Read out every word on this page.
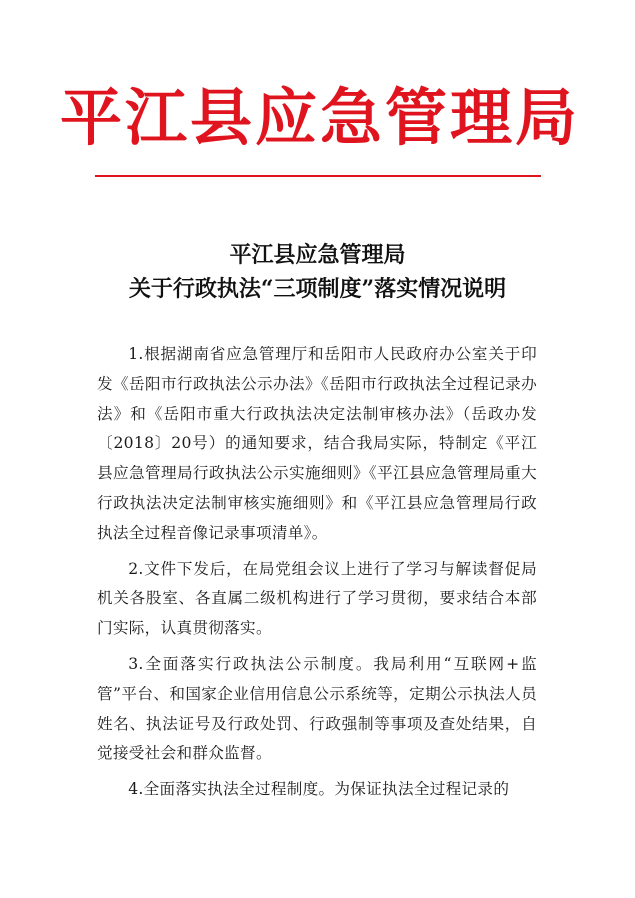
平江县应急管理局
平江县应急管理局
关于行政执法“三项制度”落实情况说明

1.根据湖南省应急管理厅和岳阳市人民政府办公室关于印发《岳阳市行政执法公示办法》《岳阳市行政执法全过程记录办法》和《岳阳市重大行政执法决定法制审核办法》（岳政办发〔2018〕20号）的通知要求，结合我局实际，特制定《平江县应急管理局行政执法公示实施细则》《平江县应急管理局重大行政执法决定法制审核实施细则》和《平江县应急管理局行政执法全过程音像记录事项清单》。

2.文件下发后，在局党组会议上进行了学习与解读督促局机关各股室、各直属二级机构进行了学习贯彻，要求结合本部门实际，认真贯彻落实。

3.全面落实行政执法公示制度。我局利用“互联网+监管”平台、和国家企业信用信息公示系统等，定期公示执法人员姓名、执法证号及行政处罚、行政强制等事项及查处结果，自觉接受社会和群众监督。

4.全面落实执法全过程制度。为保证执法全过程记录的
